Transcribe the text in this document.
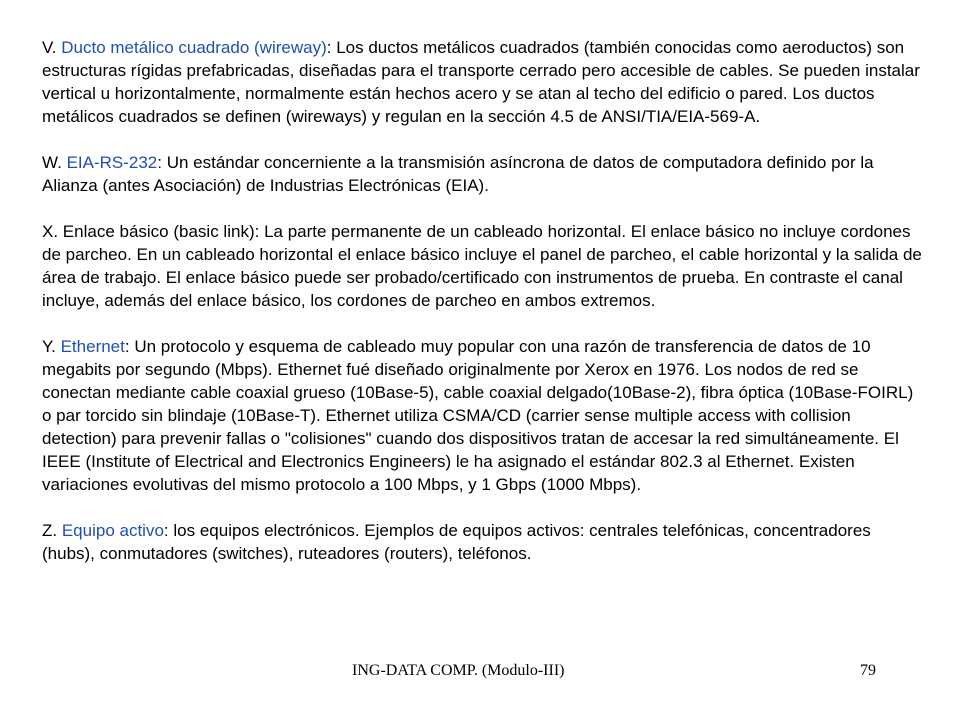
V. Ducto metálico cuadrado (wireway): Los ductos metálicos cuadrados (también conocidas como aeroductos) son estructuras rígidas prefabricadas, diseñadas para el transporte cerrado pero accesible de cables. Se pueden instalar vertical u horizontalmente, normalmente están hechos acero y se atan al techo del edificio o pared. Los ductos metálicos cuadrados se definen (wireways) y regulan en la sección 4.5 de ANSI/TIA/EIA-569-A.

W. EIA-RS-232: Un estándar concerniente a la transmisión asíncrona de datos de computadora definido por la Alianza (antes Asociación) de Industrias Electrónicas (EIA).

X. Enlace básico (basic link): La parte permanente de un cableado horizontal. El enlace básico no incluye cordones de parcheo. En un cableado horizontal el enlace básico incluye el panel de parcheo, el cable horizontal y la salida de área de trabajo. El enlace básico puede ser probado/certificado con instrumentos de prueba. En contraste el canal incluye, además del enlace básico, los cordones de parcheo en ambos extremos.

Y. Ethernet: Un protocolo y esquema de cableado muy popular con una razón de transferencia de datos de 10 megabits por segundo (Mbps). Ethernet fué diseñado originalmente por Xerox en 1976. Los nodos de red se conectan mediante cable coaxial grueso (10Base-5), cable coaxial delgado(10Base-2), fibra óptica (10Base-FOIRL) o par torcido sin blindaje (10Base-T). Ethernet utiliza CSMA/CD (carrier sense multiple access with collision detection) para prevenir fallas o "colisiones" cuando dos dispositivos tratan de accesar la red simultáneamente. El IEEE (Institute of Electrical and Electronics Engineers) le ha asignado el estándar 802.3 al Ethernet. Existen variaciones evolutivas del mismo protocolo a 100 Mbps, y 1 Gbps (1000 Mbps).

Z. Equipo activo: los equipos electrónicos. Ejemplos de equipos activos: centrales telefónicas, concentradores (hubs), conmutadores (switches), ruteadores (routers), teléfonos.

ING-DATA COMP. (Modulo-III)	79
